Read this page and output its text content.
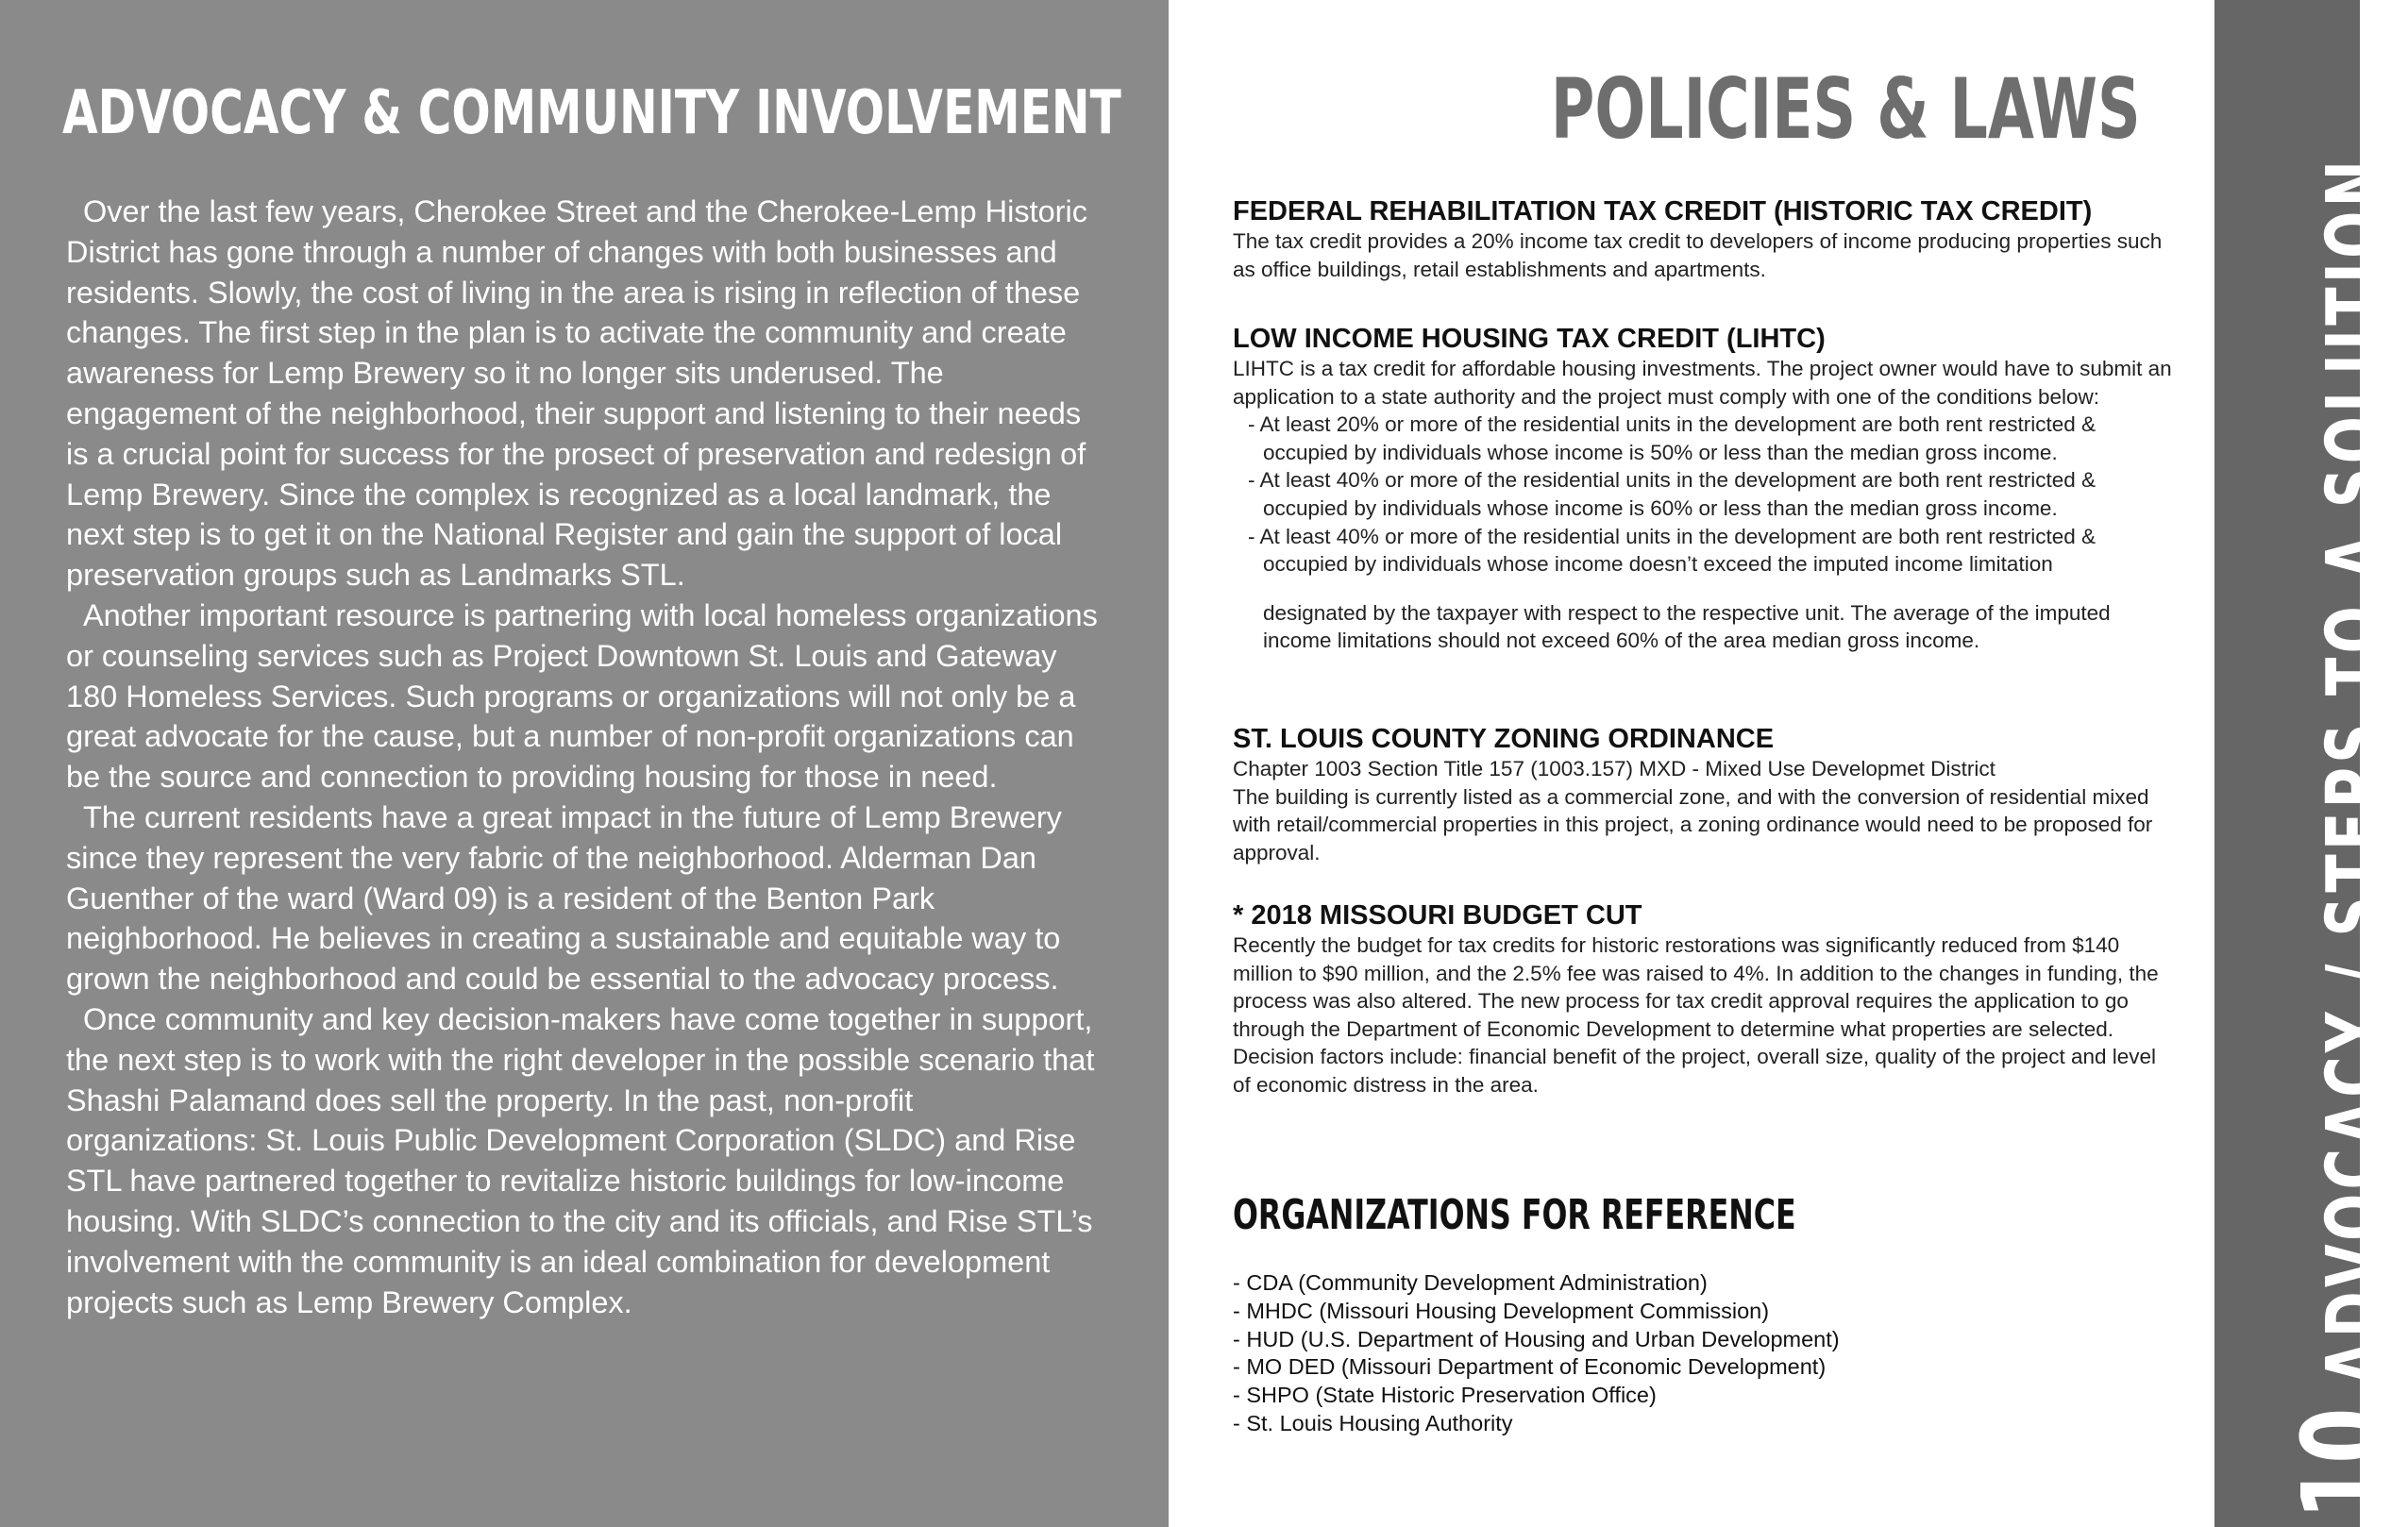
ADVOCACY & COMMUNITY INVOLVEMENT

Over the last few years, Cherokee Street and the Cherokee-Lemp Historic District has gone through a number of changes with both businesses and residents. Slowly, the cost of living in the area is rising in reflection of these changes. The first step in the plan is to activate the community and create awareness for Lemp Brewery so it no longer sits underused. The engagement of the neighborhood, their support and listening to their needs is a crucial point for success for the prosect of preservation and redesign of Lemp Brewery. Since the complex is recognized as a local landmark, the next step is to get it on the National Register and gain the support of local preservation groups such as Landmarks STL.

Another important resource is partnering with local homeless organizations or counseling services such as Project Downtown St. Louis and Gateway 180 Homeless Services. Such programs or organizations will not only be a great advocate for the cause, but a number of non-profit organizations can be the source and connection to providing housing for those in need.

The current residents have a great impact in the future of Lemp Brewery since they represent the very fabric of the neighborhood. Alderman Dan Guenther of the ward (Ward 09) is a resident of the Benton Park neighborhood. He believes in creating a sustainable and equitable way to grown the neighborhood and could be essential to the advocacy process.

Once community and key decision-makers have come together in support, the next step is to work with the right developer in the possible scenario that Shashi Palamand does sell the property. In the past, non-profit organizations: St. Louis Public Development Corporation (SLDC) and Rise STL have partnered together to revitalize historic buildings for low-income housing. With SLDC’s connection to the city and its officials, and Rise STL’s involvement with the community is an ideal combination for development projects such as Lemp Brewery Complex.

POLICIES & LAWS
FEDERAL REHABILITATION TAX CREDIT (HISTORIC TAX CREDIT)

The tax credit provides a 20% income tax credit to developers of income producing properties such as office buildings, retail establishments and apartments.

LOW INCOME HOUSING TAX CREDIT (LIHTC)

LIHTC is a tax credit for affordable housing investments. The project owner would have to submit an application to a state authority and the project must comply with one of the conditions below:

- At least 20% or more of the residential units in the development are both rent restricted & occupied by individuals whose income is 50% or less than the median gross income.
- At least 40% or more of the residential units in the development are both rent restricted & occupied by individuals whose income is 60% or less than the median gross income.
- At least 40% or more of the residential units in the development are both rent restricted & occupied by individuals whose income doesn’t exceed the imputed income limitation

designated by the taxpayer with respect to the respective unit. The average of the imputed income limitations should not exceed 60% of the area median gross income.

ST. LOUIS COUNTY ZONING ORDINANCE

Chapter 1003 Section Title 157 (1003.157) MXD - Mixed Use Developmet District

The building is currently listed as a commercial zone, and with the conversion of residential mixed with retail/commercial properties in this project, a zoning ordinance would need to be proposed for approval.

* 2018 MISSOURI BUDGET CUT

Recently the budget for tax credits for historic restorations was significantly reduced from $140 million to $90 million, and the 2.5% fee was raised to 4%. In addition to the changes in funding, the process was also altered. The new process for tax credit approval requires the application to go through the Department of Economic Development to determine what properties are selected. Decision factors include: financial benefit of the project, overall size, quality of the project and level of economic distress in the area.

ORGANIZATIONS FOR REFERENCE
- CDA (Community Development Administration)
- MHDC (Missouri Housing Development Commission)
- HUD (U.S. Department of Housing and Urban Development)
- MO DED (Missouri Department of Economic Development)
- SHPO (State Historic Preservation Office)
- St. Louis Housing Authority	10
ADVOCACY / STEPS TO A SOLUTION
